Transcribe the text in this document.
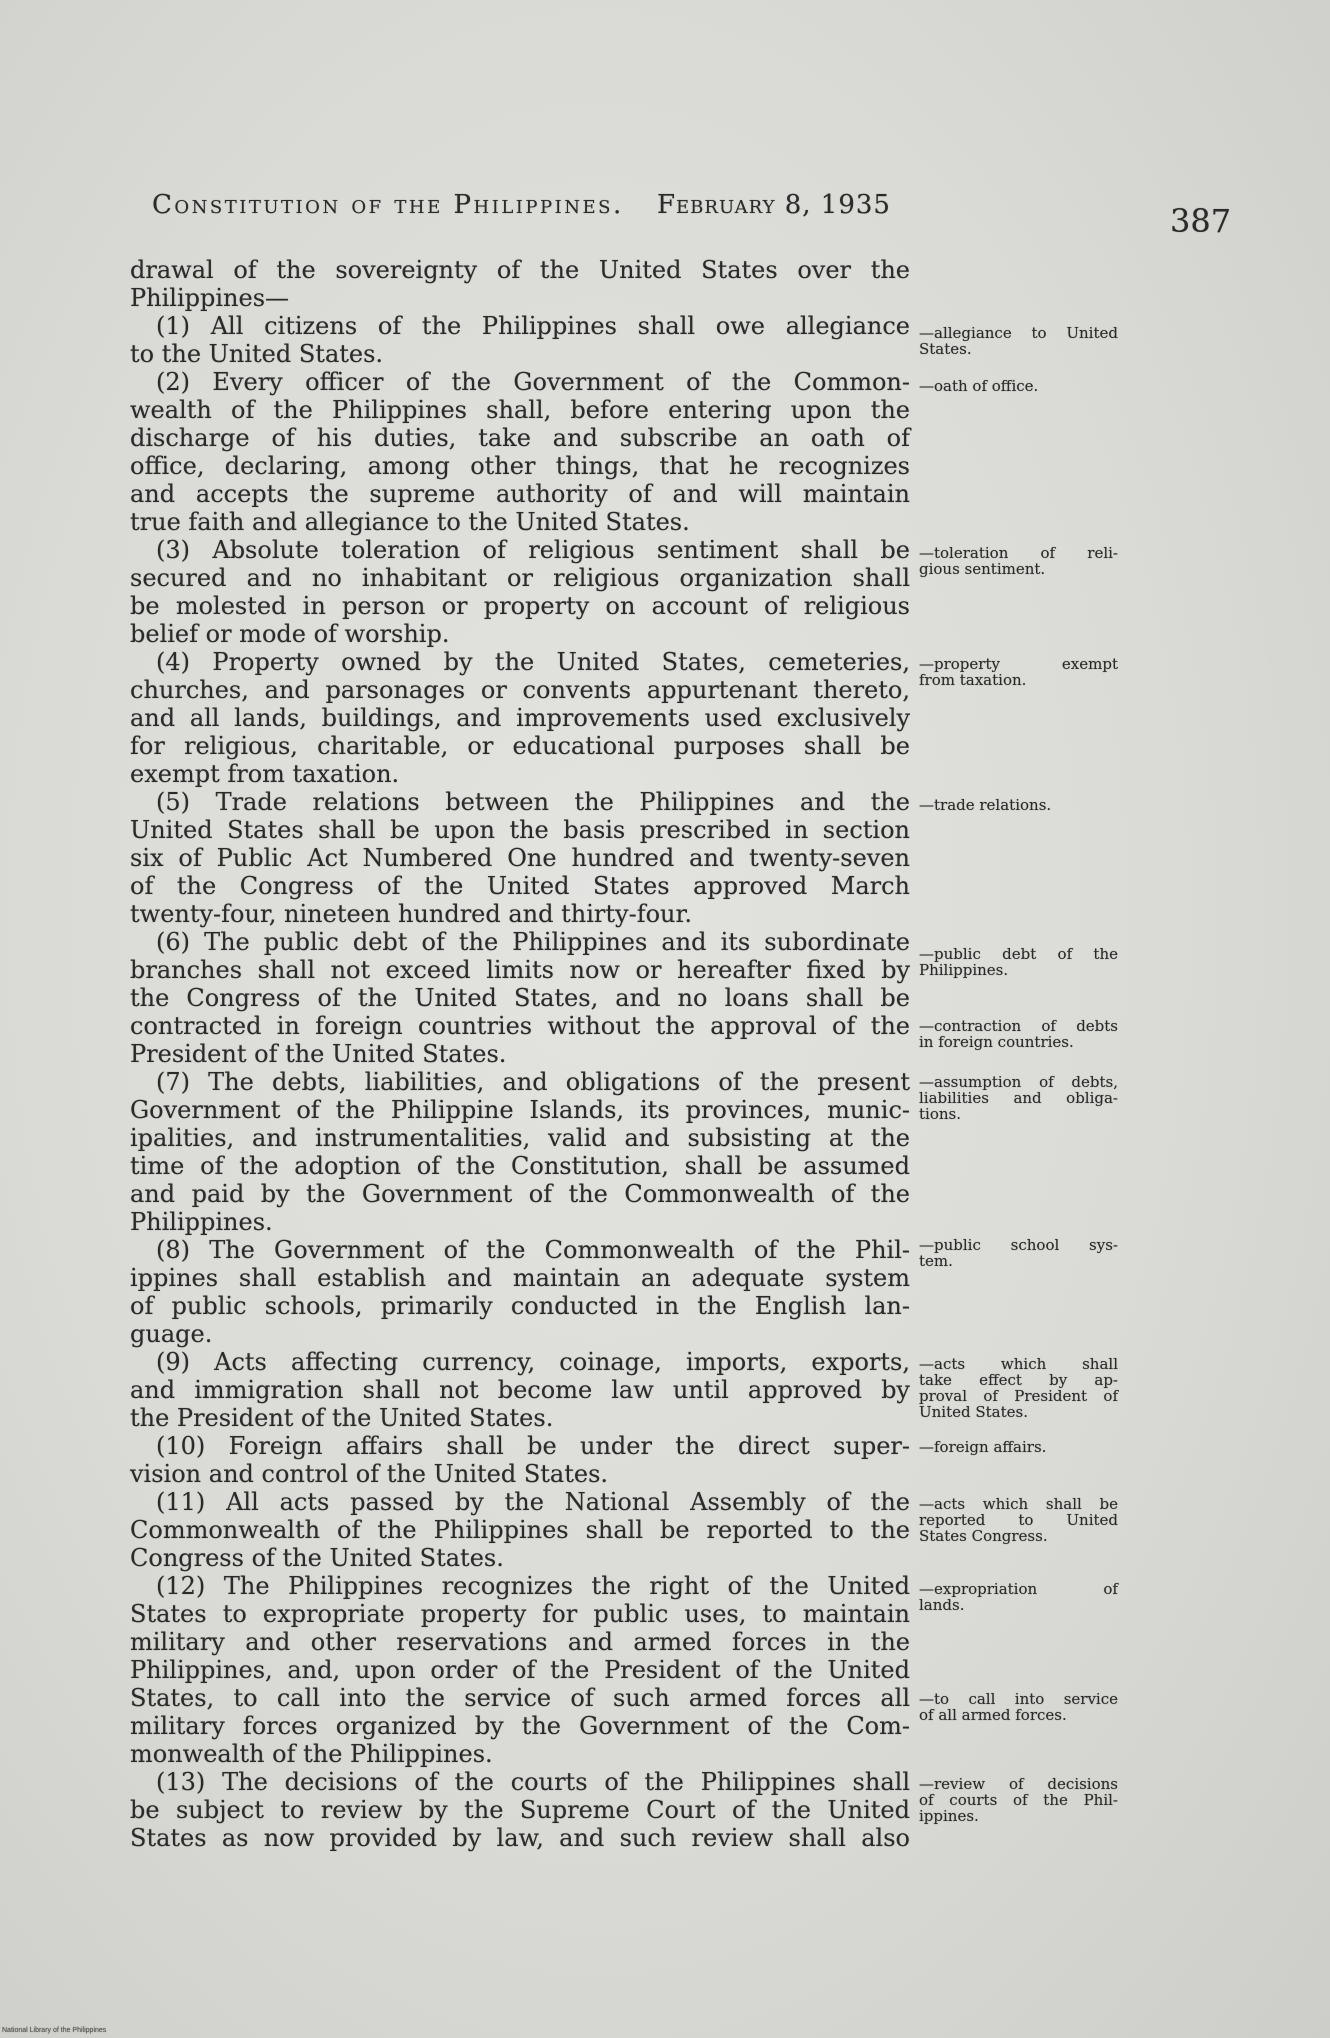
Constitution of the Philippines. February 8, 1935	387
drawal of the sovereignty of the United States over the
Philippines—
(1) All citizens of the Philippines shall owe allegiance
to the United States.
(2) Every officer of the Government of the Common-
wealth of the Philippines shall, before entering upon the
discharge of his duties, take and subscribe an oath of
office, declaring, among other things, that he recognizes
and accepts the supreme authority of and will maintain
true faith and allegiance to the United States.
(3) Absolute toleration of religious sentiment shall be
secured and no inhabitant or religious organization shall
be molested in person or property on account of religious
belief or mode of worship.
(4) Property owned by the United States, cemeteries,
churches, and parsonages or convents appurtenant thereto,
and all lands, buildings, and improvements used exclusively
for religious, charitable, or educational purposes shall be
exempt from taxation.
(5) Trade relations between the Philippines and the
United States shall be upon the basis prescribed in section
six of Public Act Numbered One hundred and twenty-seven
of the Congress of the United States approved March
twenty-four, nineteen hundred and thirty-four.
(6) The public debt of the Philippines and its subordinate
branches shall not exceed limits now or hereafter fixed by
the Congress of the United States, and no loans shall be
contracted in foreign countries without the approval of the
President of the United States.
(7) The debts, liabilities, and obligations of the present
Government of the Philippine Islands, its provinces, munic-
ipalities, and instrumentalities, valid and subsisting at the
time of the adoption of the Constitution, shall be assumed
and paid by the Government of the Commonwealth of the
Philippines.
(8) The Government of the Commonwealth of the Phil-
ippines shall establish and maintain an adequate system
of public schools, primarily conducted in the English lan-
guage.
(9) Acts affecting currency, coinage, imports, exports,
and immigration shall not become law until approved by
the President of the United States.
(10) Foreign affairs shall be under the direct super-
vision and control of the United States.
(11) All acts passed by the National Assembly of the
Commonwealth of the Philippines shall be reported to the
Congress of the United States.
(12) The Philippines recognizes the right of the United
States to expropriate property for public uses, to maintain
military and other reservations and armed forces in the
Philippines, and, upon order of the President of the United
States, to call into the service of such armed forces all
military forces organized by the Government of the Com-
monwealth of the Philippines.
(13) The decisions of the courts of the Philippines shall
be subject to review by the Supreme Court of the United
States as now provided by law, and such review shall also
—allegiance to United
States.
—oath of office.
—toleration of reli-
gious sentiment.
—property exempt
from taxation.
—trade relations.
—public debt of the
Philippines.
—contraction of debts
in foreign countries.
—assumption of debts,
liabilities and obliga-
tions.
—public school sys-
tem.
—acts which shall
take effect by ap-
proval of President of
United States.
—foreign affairs.
—acts which shall be
reported to United
States Congress.
—expropriation of
lands.
—to call into service
of all armed forces.
—review of decisions
of courts of the Phil-
ippines.
National Library of the Philippines
